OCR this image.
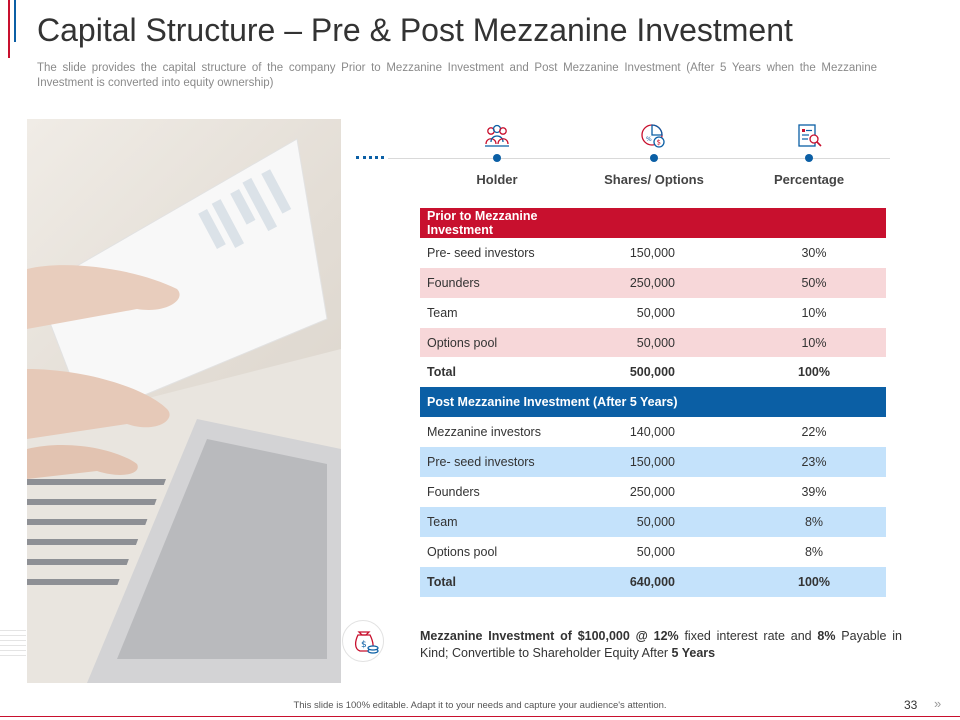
Capital Structure – Pre & Post Mezzanine Investment
The slide provides the capital structure of the company Prior to Mezzanine Investment and Post Mezzanine Investment (After 5 Years when the Mezzanine Investment is converted into equity ownership)
Holder
$
%
Shares/ Options	Percentage
Prior to Mezzanine Investment
Pre- seed investors	150,000	30%
Founders	250,000	50%
Team	50,000	10%
Options pool	50,000	10%
Total	500,000	100%
Post Mezzanine Investment (After 5 Years)
Mezzanine investors	140,000	22%
Pre- seed investors	150,000	23%
Founders	250,000	39%
Team	50,000	8%
Options pool	50,000	8%
Total	640,000	100%
$
Mezzanine Investment of $100,000 @ 12% fixed interest rate and 8% Payable in Kind; Convertible to Shareholder Equity After 5 Years
This slide is 100% editable. Adapt it to your needs and capture your audience's attention.	33 »
